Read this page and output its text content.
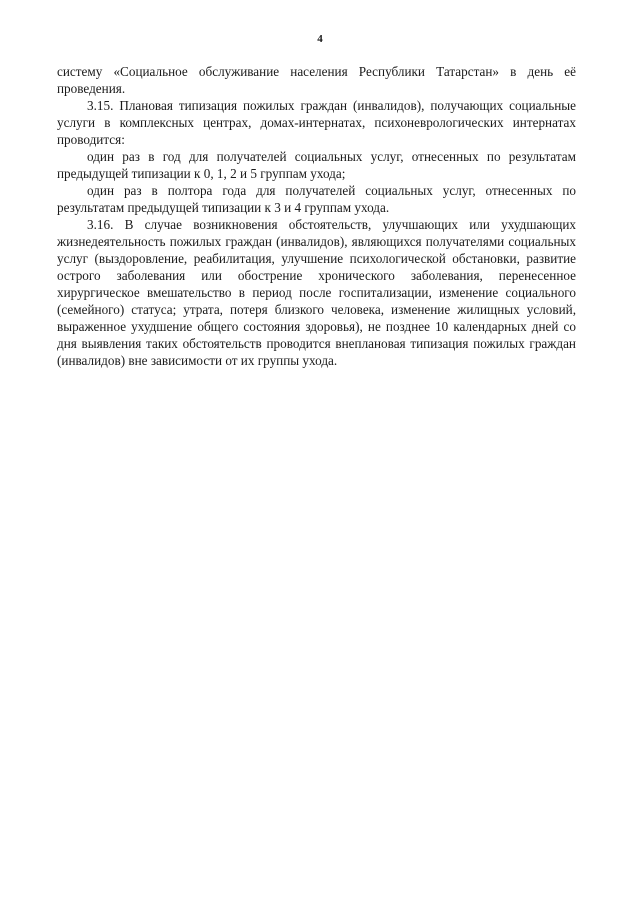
4

систему «Социальное обслуживание населения Республики Татарстан» в день её проведения.

3.15. Плановая типизация пожилых граждан (инвалидов), получающих социальные услуги в комплексных центрах, домах-интернатах, психоневрологических интернатах проводится:

один раз в год для получателей социальных услуг, отнесенных по результатам предыдущей типизации к 0, 1, 2 и 5 группам ухода;

один раз в полтора года для получателей социальных услуг, отнесенных по результатам предыдущей типизации к 3 и 4 группам ухода.

3.16. В случае возникновения обстоятельств, улучшающих или ухудшающих жизнедеятельность пожилых граждан (инвалидов), являющихся получателями социальных услуг (выздоровление, реабилитация, улучшение психологической обстановки, развитие острого заболевания или обострение хронического заболевания, перенесенное хирургическое вмешательство в период после госпитализации, изменение социального (семейного) статуса; утрата, потеря близкого человека, изменение жилищных условий, выраженное ухудшение общего состояния здоровья), не позднее 10 календарных дней со дня выявления таких обстоятельств проводится внеплановая типизация пожилых граждан (инвалидов) вне зависимости от их группы ухода.
